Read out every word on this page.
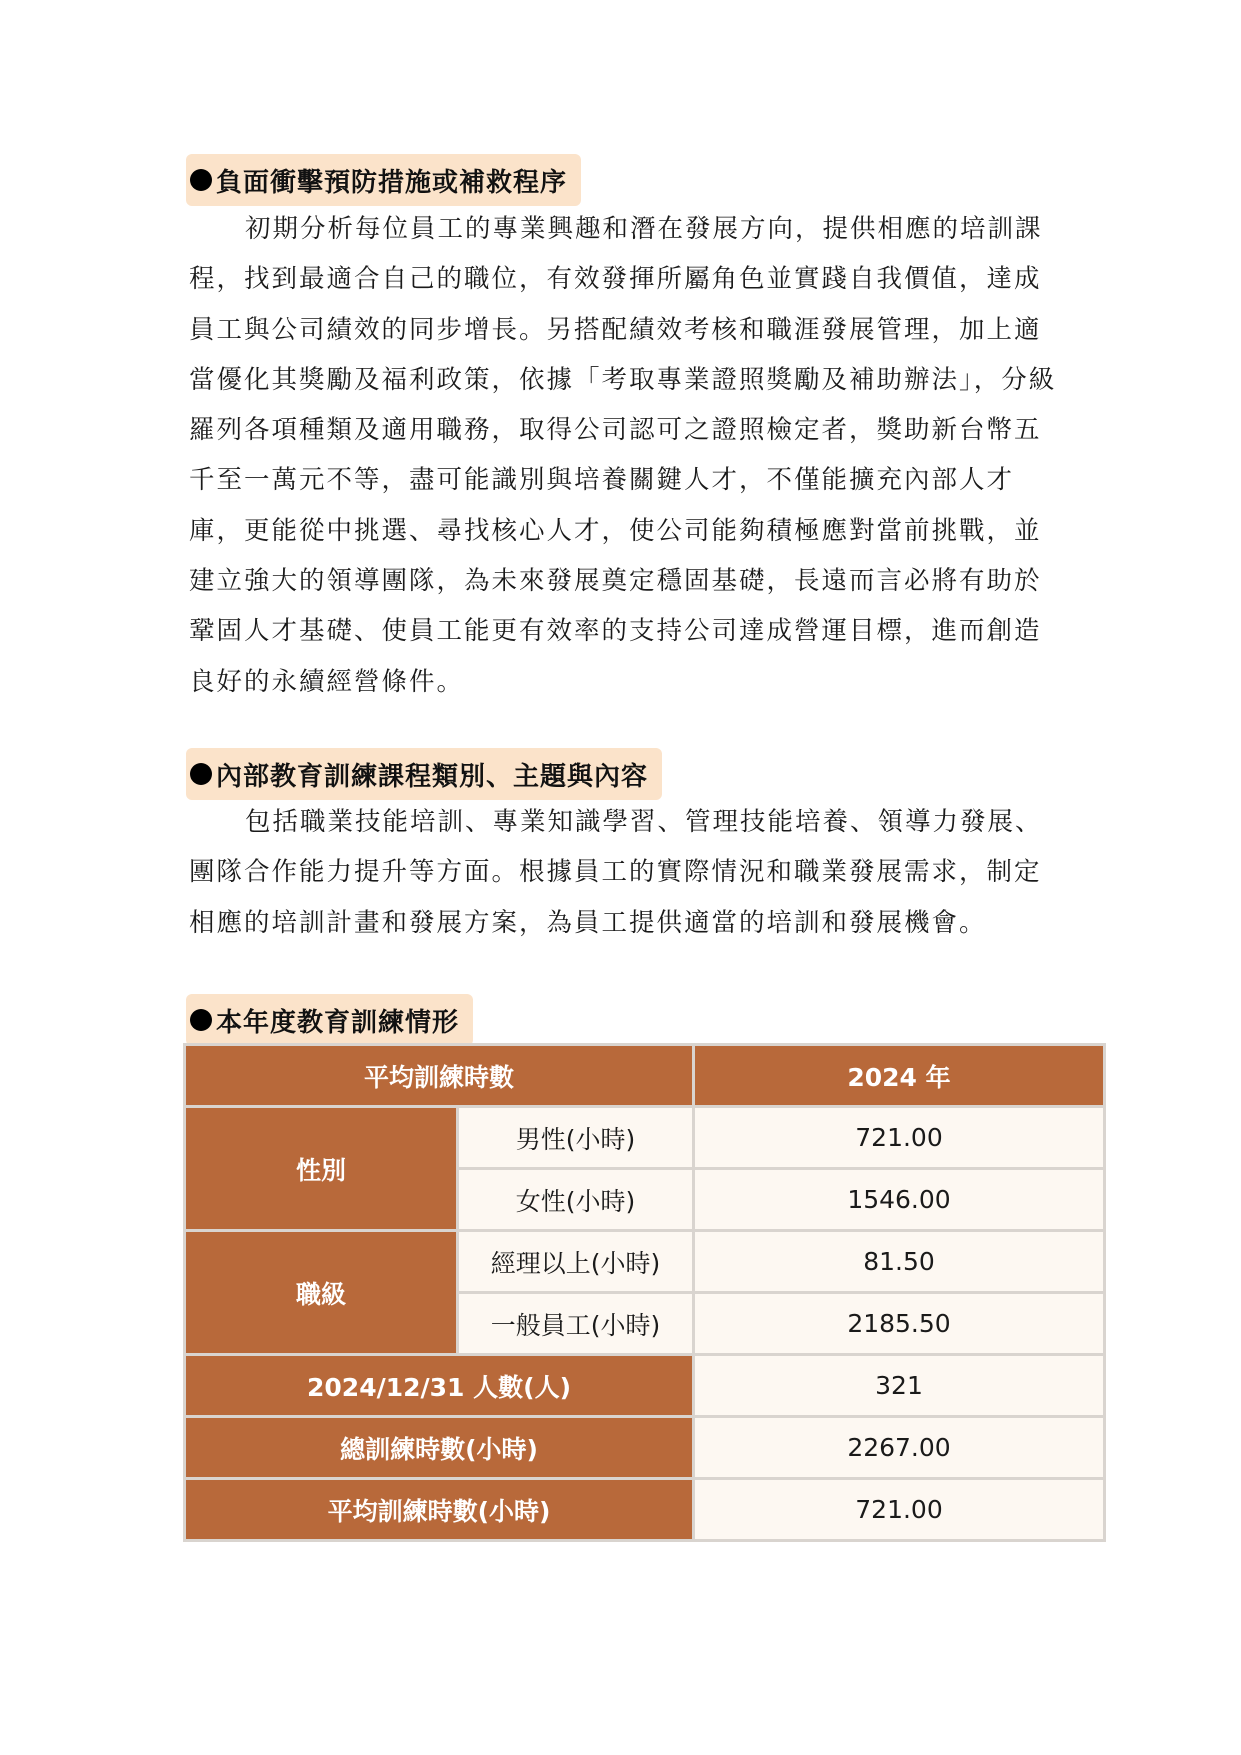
負面衝擊預防措施或補救程序

初期分析每位員工的專業興趣和潛在發展方向，提供相應的培訓課
程，找到最適合自己的職位，有效發揮所屬角色並實踐自我價值，達成
員工與公司績效的同步增長。另搭配績效考核和職涯發展管理，加上適
當優化其獎勵及福利政策，依據「考取專業證照獎勵及補助辦法」，分級
羅列各項種類及適用職務，取得公司認可之證照檢定者，獎助新台幣五
千至一萬元不等，盡可能識別與培養關鍵人才，不僅能擴充內部人才
庫，更能從中挑選、尋找核心人才，使公司能夠積極應對當前挑戰，並
建立強大的領導團隊，為未來發展奠定穩固基礎，長遠而言必將有助於
鞏固人才基礎、使員工能更有效率的支持公司達成營運目標，進而創造
良好的永續經營條件。

內部教育訓練課程類別、主題與內容

包括職業技能培訓、專業知識學習、管理技能培養、領導力發展、
團隊合作能力提升等方面。根據員工的實際情況和職業發展需求，制定
相應的培訓計畫和發展方案，為員工提供適當的培訓和發展機會。

本年度教育訓練情形
平均訓練時數		2024 年
性別	男性(小時)	721.00
	女性(小時)	1546.00
職級	經理以上(小時)	81.50
	一般員工(小時)	2185.50
2024/12/31 人數(人)		321
總訓練時數(小時)		2267.00
平均訓練時數(小時)		721.00
